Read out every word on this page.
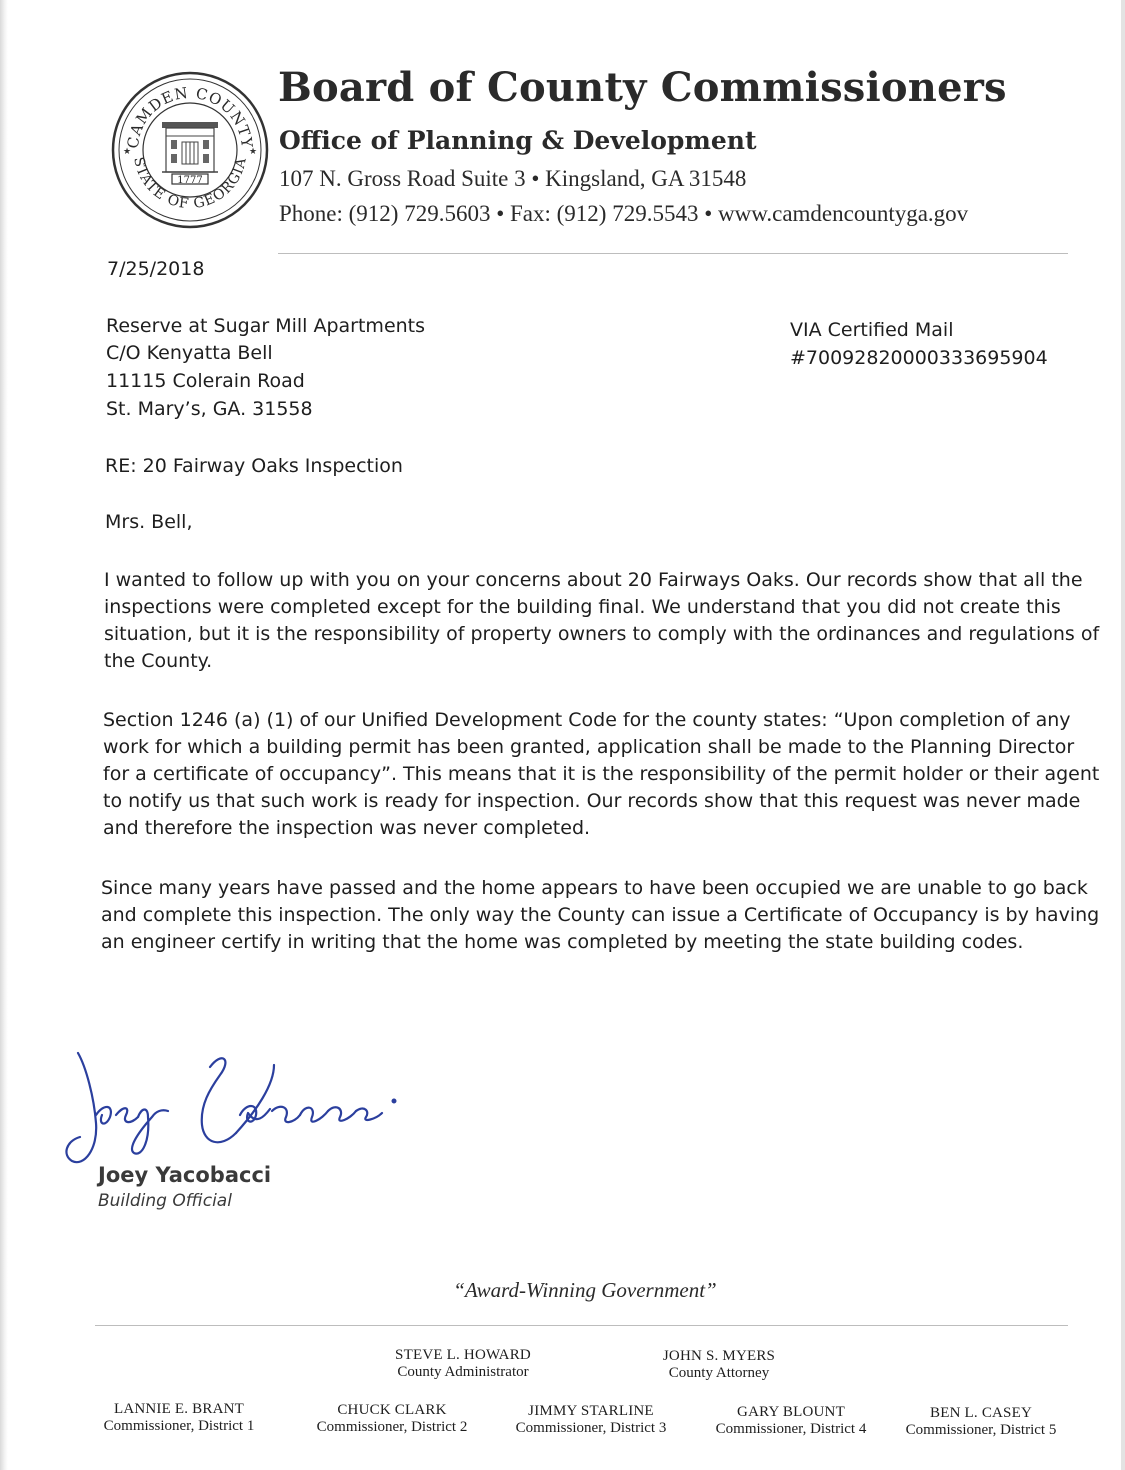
CAMDEN COUNTY
STATE OF GEORGIA
★	★
1777
Board of County Commissioners
Office of Planning & Development
107 N. Gross Road Suite 3 • Kingsland, GA 31548
Phone: (912) 729.5603 • Fax: (912) 729.5543 • www.camdencountyga.gov
7/25/2018
Reserve at Sugar Mill Apartments
C/O Kenyatta Bell
11115 Colerain Road
St. Mary’s, GA. 31558
VIA Certified Mail
#70092820000333695904
RE: 20 Fairway Oaks Inspection
Mrs. Bell,
I wanted to follow up with you on your concerns about 20 Fairways Oaks. Our records show that all the
inspections were completed except for the building final. We understand that you did not create this
situation, but it is the responsibility of property owners to comply with the ordinances and regulations of
the County.
Section 1246 (a) (1) of our Unified Development Code for the county states: “Upon completion of any
work for which a building permit has been granted, application shall be made to the Planning Director
for a certificate of occupancy”. This means that it is the responsibility of the permit holder or their agent
to notify us that such work is ready for inspection. Our records show that this request was never made
and therefore the inspection was never completed.
Since many years have passed and the home appears to have been occupied we are unable to go back
and complete this inspection. The only way the County can issue a Certificate of Occupancy is by having
an engineer certify in writing that the home was completed by meeting the state building codes.
Joey Yacobacci
Building Official
“Award-Winning Government”
STEVE L. HOWARD
County Administrator
JOHN S. MYERS
County Attorney
LANNIE E. BRANT
Commissioner, District 1
CHUCK CLARK
Commissioner, District 2
JIMMY STARLINE
Commissioner, District 3
GARY BLOUNT
Commissioner, District 4
BEN L. CASEY
Commissioner, District 5
